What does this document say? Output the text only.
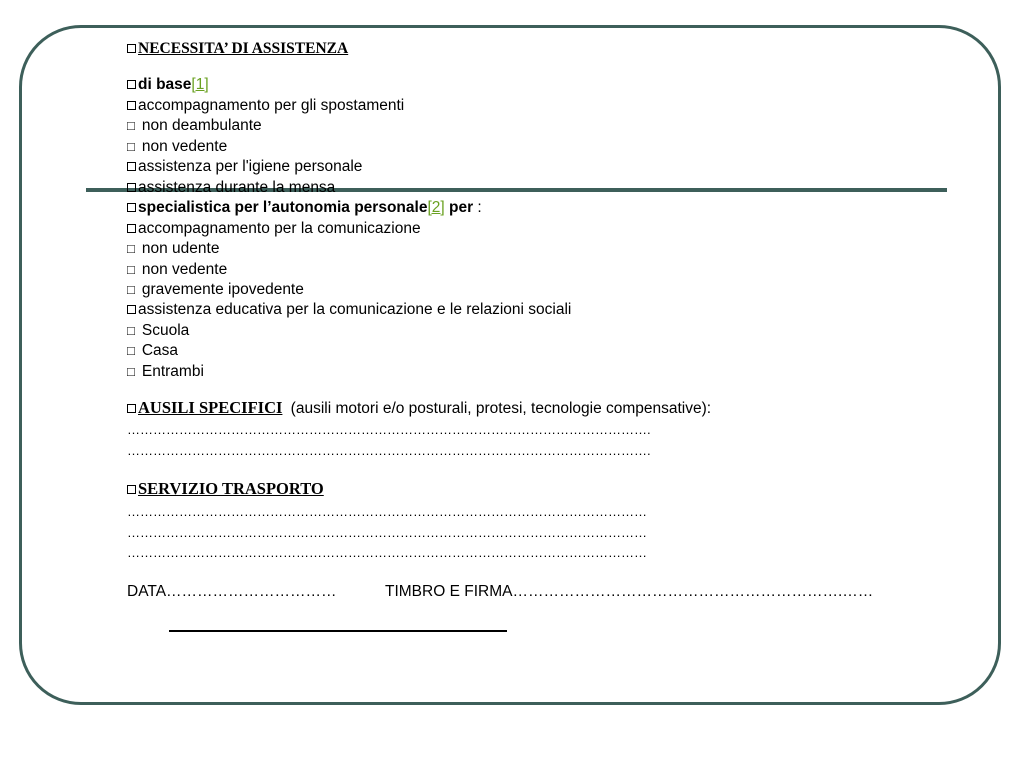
NECESSITA’ DI ASSISTENZA
di base[1]
accompagnamento per gli spostamenti
□ non deambulante
□ non vedente
assistenza per l'igiene personale
assistenza durante la mensa
specialistica per l’autonomia personale[2] per :
accompagnamento per la comunicazione
□ non udente
□ non vedente
□ gravemente ipovedente
assistenza educativa per la comunicazione e le relazioni sociali
□ Scuola
□ Casa
□ Entrambi
AUSILI SPECIFICI (ausili motori e/o posturali, protesi, tecnologie compensative):
………………………………………………………………………………………………………….
………………………………………………………………………………………………………….
SERVIZIO TRASPORTO
…………………………………………………………………………………………………………
…………………………………………………………………………………………………………
…………………………………………………………………………………………………………
DATA……………………………	TIMBRO E FIRMA……………………………………………………….……
